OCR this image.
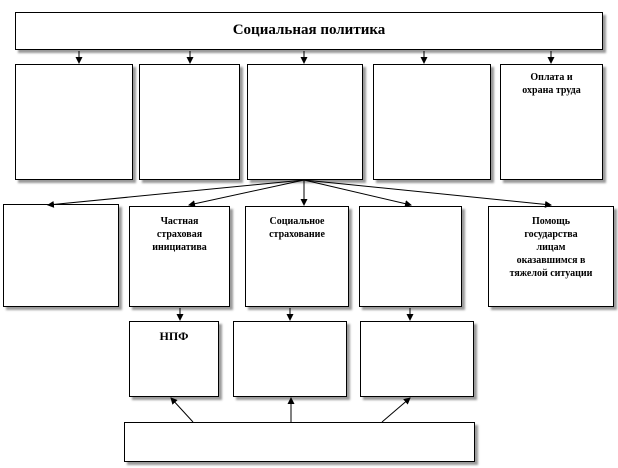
Социальная политика
Оплата и
охрана труда
Частная
страховая
инициатива
Социальное
страхование
Помощь
государства
лицам
оказавшимся в
тяжелой ситуации
НПФ
